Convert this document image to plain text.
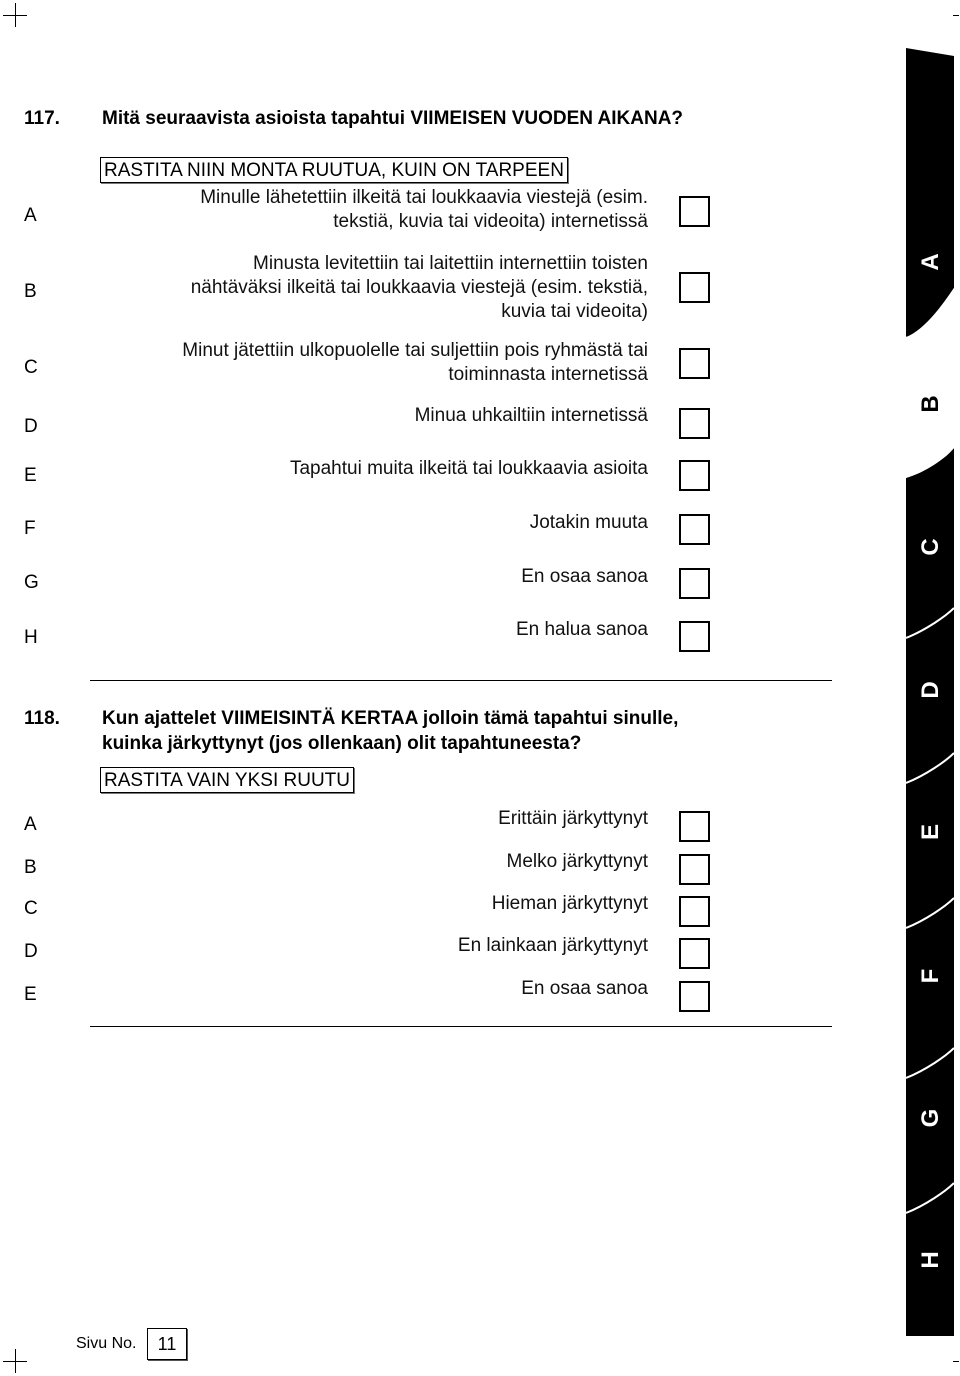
117. Mitä seuraavista asioista tapahtui VIIMEISEN VUODEN AIKANA?
RASTITA NIIN MONTA RUUTUA, KUIN ON TARPEEN
A
Minulle lähetettiin ilkeitä tai loukkaavia viestejä (esim.
tekstiä, kuvia tai videoita) internetissä
B
Minusta levitettiin tai laitettiin internettiin toisten
nähtäväksi ilkeitä tai loukkaavia viestejä (esim. tekstiä,
kuvia tai videoita)
C
Minut jätettiin ulkopuolelle tai suljettiin pois ryhmästä tai
toiminnasta internetissä
D
Minua uhkailtiin internetissä
E	Tapahtui muita ilkeitä tai loukkaavia asioita
F	Jotakin muuta
G	En osaa sanoa
H	En halua sanoa
118. Kun ajattelet VIIMEISINTÄ KERTAA jolloin tämä tapahtui sinulle,
kuinka järkyttynyt (jos ollenkaan) olit tapahtuneesta?
RASTITA VAIN YKSI RUUTU
A	Erittäin järkyttynyt
B	Melko järkyttynyt
C	Hieman järkyttynyt
D	En lainkaan järkyttynyt
E	En osaa sanoa
A
B
C
D
E
F
G
H
Sivu No.	11
